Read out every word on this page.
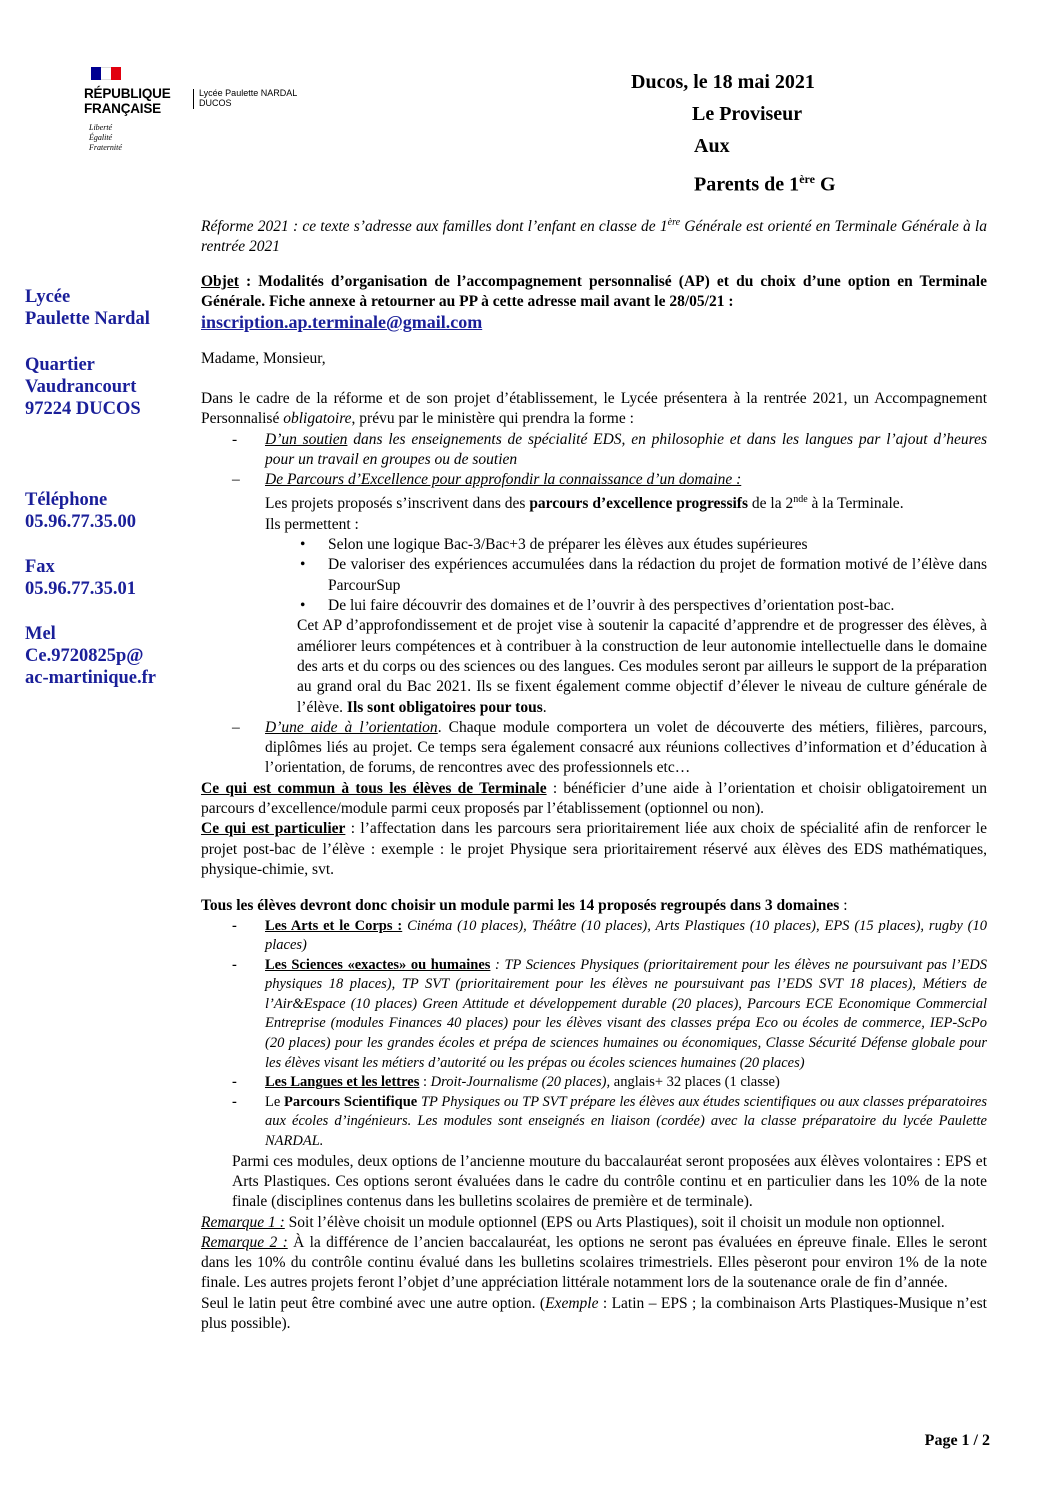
RÉPUBLIQUE
FRANÇAISE
Liberté
Égalité
Fraternité
Lycée Paulette NARDAL
DUCOS
Ducos, le 18 mai 2021
Le Proviseur
Aux
Parents de 1ère G
Lycée
Paulette Nardal
Quartier
Vaudrancourt
97224 DUCOS
Téléphone
05.96.77.35.00
Fax
05.96.77.35.01
Mel
Ce.9720825p@
ac-martinique.fr

Réforme 2021 : ce texte s’adresse aux familles dont l’enfant en classe de 1ère Générale est orienté en Terminale Générale à la rentrée 2021

Objet : Modalités d’organisation de l’accompagnement personnalisé (AP) et du choix d’une option en Terminale Générale. Fiche annexe à retourner au PP à cette adresse mail avant le 28/05/21 :

inscription.ap.terminale@gmail.com

Madame, Monsieur,

Dans le cadre de la réforme et de son projet d’établissement, le Lycée présentera à la rentrée 2021, un Accompagnement Personnalisé obligatoire, prévu par le ministère qui prendra la forme :

- D’un soutien dans les enseignements de spécialité EDS, en philosophie et dans les langues par l’ajout d’heures pour un travail en groupes ou de soutien
– De Parcours d’Excellence pour approfondir la connaissance d’un domaine :
Les projets proposés s’inscrivent dans des parcours d’excellence progressifs de la 2nde à la Terminale.
Ils permettent :
• Selon une logique Bac-3/Bac+3 de préparer les élèves aux études supérieures
• De valoriser des expériences accumulées dans la rédaction du projet de formation motivé de l’élève dans ParcourSup
• De lui faire découvrir des domaines et de l’ouvrir à des perspectives d’orientation post-bac.

Cet AP d’approfondissement et de projet vise à soutenir la capacité d’apprendre et de progresser des élèves, à améliorer leurs compétences et à contribuer à la construction de leur autonomie intellectuelle dans le domaine des arts et du corps ou des sciences ou des langues. Ces modules seront par ailleurs le support de la préparation au grand oral du Bac 2021. Ils se fixent également comme objectif d’élever le niveau de culture générale de l’élève. Ils sont obligatoires pour tous.

– D’une aide à l’orientation. Chaque module comportera un volet de découverte des métiers, filières, parcours, diplômes liés au projet. Ce temps sera également consacré aux réunions collectives d’information et d’éducation à l’orientation, de forums, de rencontres avec des professionnels etc…

Ce qui est commun à tous les élèves de Terminale : bénéficier d’une aide à l’orientation et choisir obligatoirement un parcours d’excellence/module parmi ceux proposés par l’établissement (optionnel ou non).

Ce qui est particulier : l’affectation dans les parcours sera prioritairement liée aux choix de spécialité afin de renforcer le projet post-bac de l’élève : exemple : le projet Physique sera prioritairement réservé aux élèves des EDS mathématiques, physique-chimie, svt.

Tous les élèves devront donc choisir un module parmi les 14 proposés regroupés dans 3 domaines :

- Les Arts et le Corps : Cinéma (10 places), Théâtre (10 places), Arts Plastiques (10 places), EPS (15 places), rugby (10 places)
- Les Sciences «exactes» ou humaines : TP Sciences Physiques (prioritairement pour les élèves ne poursuivant pas l’EDS physiques 18 places), TP SVT (prioritairement pour les élèves ne poursuivant pas l’EDS SVT 18 places), Métiers de l’Air&Espace (10 places) Green Attitude et développement durable (20 places), Parcours ECE Economique Commercial Entreprise (modules Finances 40 places) pour les élèves visant des classes prépa Eco ou écoles de commerce, IEP-ScPo (20 places) pour les grandes écoles et prépa de sciences humaines ou économiques, Classe Sécurité Défense globale pour les élèves visant les métiers d’autorité ou les prépas ou écoles sciences humaines (20 places)
- Les Langues et les lettres : Droit-Journalisme (20 places), anglais+ 32 places (1 classe)
- Le Parcours Scientifique TP Physiques ou TP SVT prépare les élèves aux études scientifiques ou aux classes préparatoires aux écoles d’ingénieurs. Les modules sont enseignés en liaison (cordée) avec la classe préparatoire du lycée Paulette NARDAL.

Parmi ces modules, deux options de l’ancienne mouture du baccalauréat seront proposées aux élèves volontaires : EPS et Arts Plastiques. Ces options seront évaluées dans le cadre du contrôle continu et en particulier dans les 10% de la note finale (disciplines contenus dans les bulletins scolaires de première et de terminale).

Remarque 1 : Soit l’élève choisit un module optionnel (EPS ou Arts Plastiques), soit il choisit un module non optionnel.

Remarque 2 : À la différence de l’ancien baccalauréat, les options ne seront pas évaluées en épreuve finale. Elles le seront dans les 10% du contrôle continu évalué dans les bulletins scolaires trimestriels. Elles pèseront pour environ 1% de la note finale. Les autres projets feront l’objet d’une appréciation littérale notamment lors de la soutenance orale de fin d’année.

Seul le latin peut être combiné avec une autre option. (Exemple : Latin – EPS ; la combinaison Arts Plastiques-Musique n’est plus possible).

Page 1 / 2
